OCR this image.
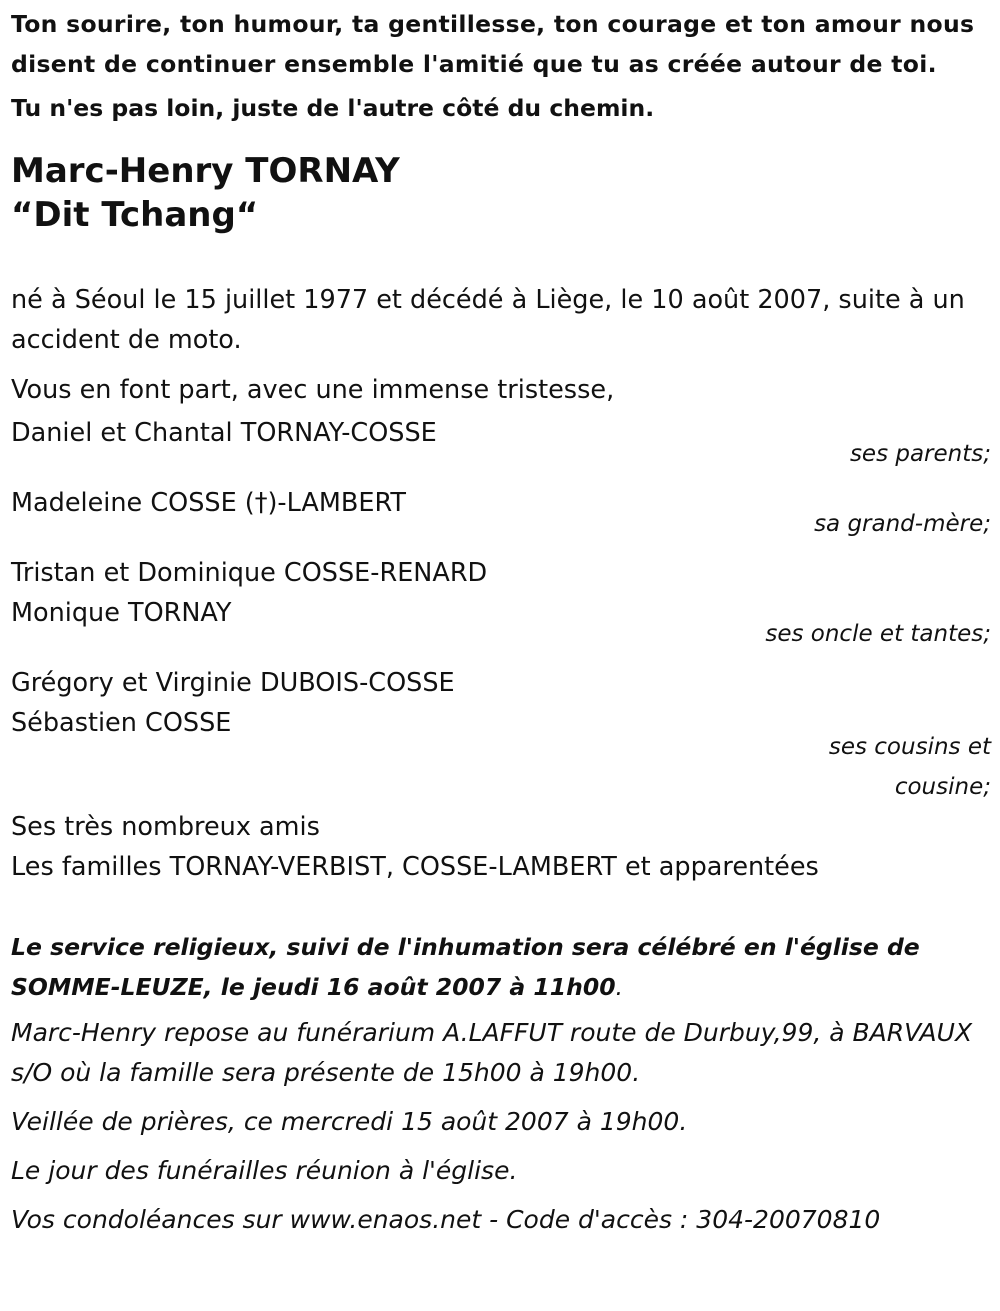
Ton sourire, ton humour, ta gentillesse, ton courage et ton amour nous disent de continuer ensemble l'amitié que tu as créée autour de toi.

Tu n'es pas loin, juste de l'autre côté du chemin.

Marc-Henry TORNAY
“Dit Tchang“
né à Séoul le 15 juillet 1977 et décédé à Liège, le 10 août 2007, suite à un accident de moto.
Vous en font part, avec une immense tristesse,
Daniel et Chantal TORNAY-COSSE
ses parents;
Madeleine COSSE (†)-LAMBERT
sa grand-mère;
Tristan et Dominique COSSE-RENARD
Monique TORNAY
ses oncle et tantes;
Grégory et Virginie DUBOIS-COSSE
Sébastien COSSE
ses cousins et
cousine;
Ses très nombreux amis
Les familles TORNAY-VERBIST, COSSE-LAMBERT et apparentées
Le service religieux, suivi de l'inhumation sera célébré en l'église de SOMME-LEUZE, le jeudi 16 août 2007 à 11h00.
Marc-Henry repose au funérarium A.LAFFUT route de Durbuy,99, à BARVAUX s/O où la famille sera présente de 15h00 à 19h00.
Veillée de prières, ce mercredi 15 août 2007 à 19h00.
Le jour des funérailles réunion à l'église.
Vos condoléances sur www.enaos.net - Code d'accès : 304-20070810
